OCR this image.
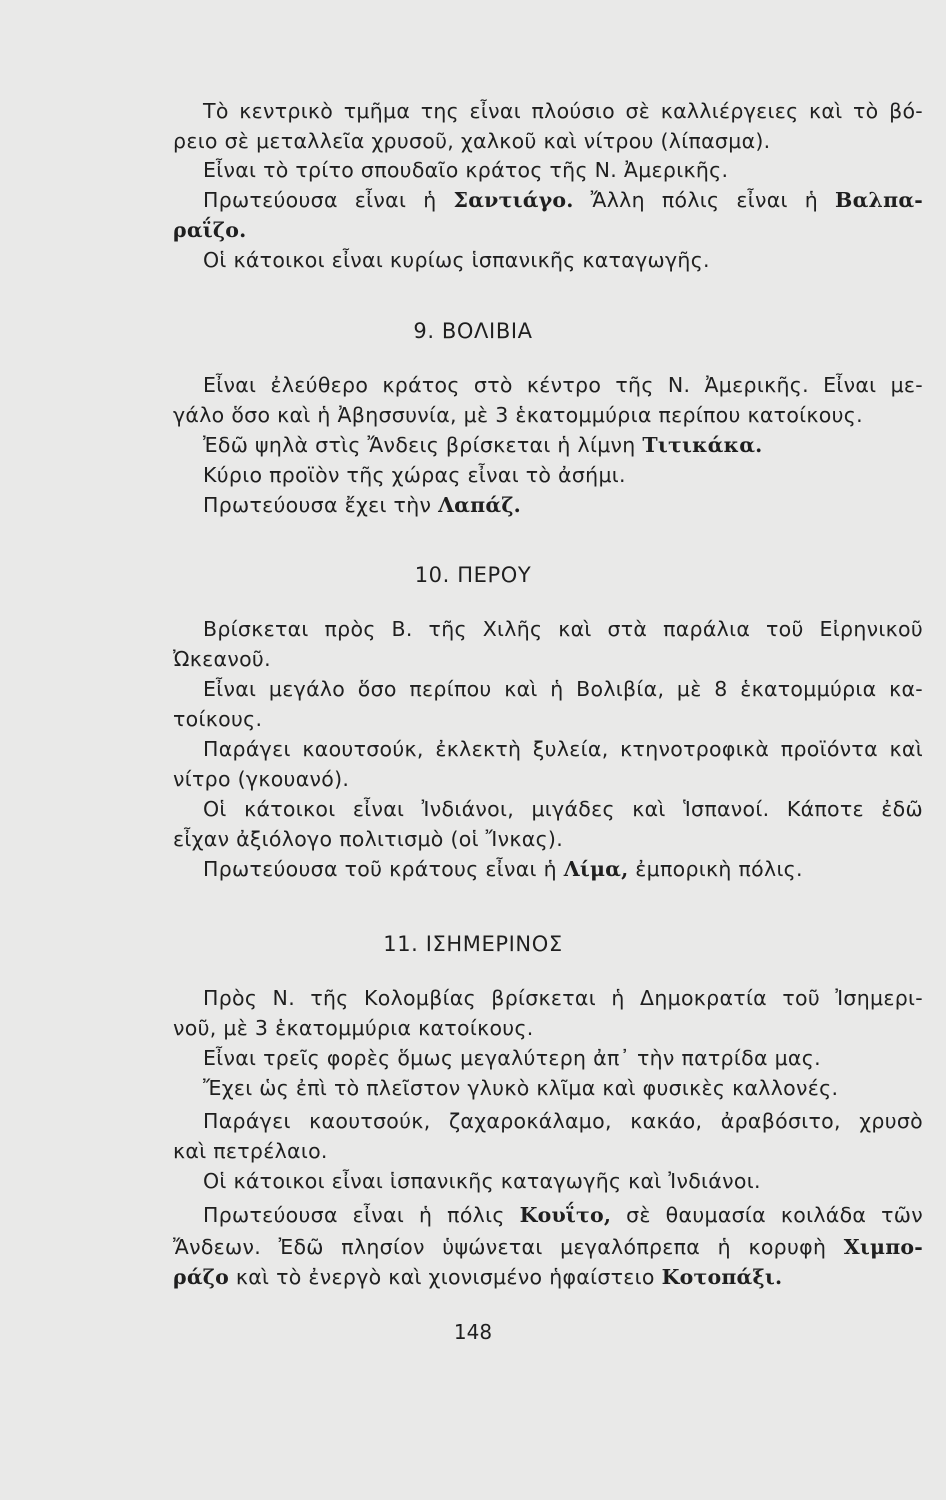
Τὸ κεντρικὸ τμῆμα της εἶναι πλούσιο σὲ καλλιέργειες καὶ τὸ βό-

ρειο σὲ μεταλλεῖα χρυσοῦ, χαλκοῦ καὶ νίτρου (λίπασμα).

Εἶναι τὸ τρίτο σπουδαῖο κράτος τῆς Ν. Ἀμερικῆς.

Πρωτεύουσα εἶναι ἡ Σαντιάγο. Ἄλλη πόλις εἶναι ἡ Βαλπα-

ραΐζο.

Οἱ κάτοικοι εἶναι κυρίως ἱσπανικῆς καταγωγῆς.

9. ΒΟΛΙΒΙΑ

Εἶναι ἐλεύθερο κράτος στὸ κέντρο τῆς Ν. Ἀμερικῆς. Εἶναι με-

γάλο ὅσο καὶ ἡ Ἀβησσυνία, μὲ 3 ἑκατομμύρια περίπου κατοίκους.

Ἐδῶ ψηλὰ στὶς Ἄνδεις βρίσκεται ἡ λίμνη Τιτικάκα.

Κύριο προϊὸν τῆς χώρας εἶναι τὸ ἀσήμι.

Πρωτεύουσα ἔχει τὴν Λαπάζ.

10. ΠΕΡΟΥ

Βρίσκεται πρὸς Β. τῆς Χιλῆς καὶ στὰ παράλια τοῦ Εἰρηνικοῦ

Ὠκεανοῦ.

Εἶναι μεγάλο ὅσο περίπου καὶ ἡ Βολιβία, μὲ 8 ἑκατομμύρια κα-

τοίκους.

Παράγει καουτσούκ, ἐκλεκτὴ ξυλεία, κτηνοτροφικὰ προϊόντα καὶ

νίτρο (γκουανό).

Οἱ κάτοικοι εἶναι Ἰνδιάνοι, μιγάδες καὶ Ἱσπανοί. Κάποτε ἐδῶ

εἶχαν ἀξιόλογο πολιτισμὸ (οἱ Ἴνκας).

Πρωτεύουσα τοῦ κράτους εἶναι ἡ Λίμα, ἐμπορικὴ πόλις.

11. ΙΣΗΜΕΡΙΝΟΣ

Πρὸς Ν. τῆς Κολομβίας βρίσκεται ἡ Δημοκρατία τοῦ Ἰσημερι-

νοῦ, μὲ 3 ἑκατομμύρια κατοίκους.

Εἶναι τρεῖς φορὲς ὅμως μεγαλύτερη ἀπ᾿ τὴν πατρίδα μας.

Ἔχει ὡς ἐπὶ τὸ πλεῖστον γλυκὸ κλῖμα καὶ φυσικὲς καλλονές.

Παράγει καουτσούκ, ζαχαροκάλαμο, κακάο, ἀραβόσιτο, χρυσὸ

καὶ πετρέλαιο.

Οἱ κάτοικοι εἶναι ἱσπανικῆς καταγωγῆς καὶ Ἰνδιάνοι.

Πρωτεύουσα εἶναι ἡ πόλις Κουΐτο, σὲ θαυμασία κοιλάδα τῶν

Ἄνδεων. Ἐδῶ πλησίον ὑψώνεται μεγαλόπρεπα ἡ κορυφὴ Χιμπο-

ράζο καὶ τὸ ἐνεργὸ καὶ χιονισμένο ἡφαίστειο Κοτοπάξι.

148
